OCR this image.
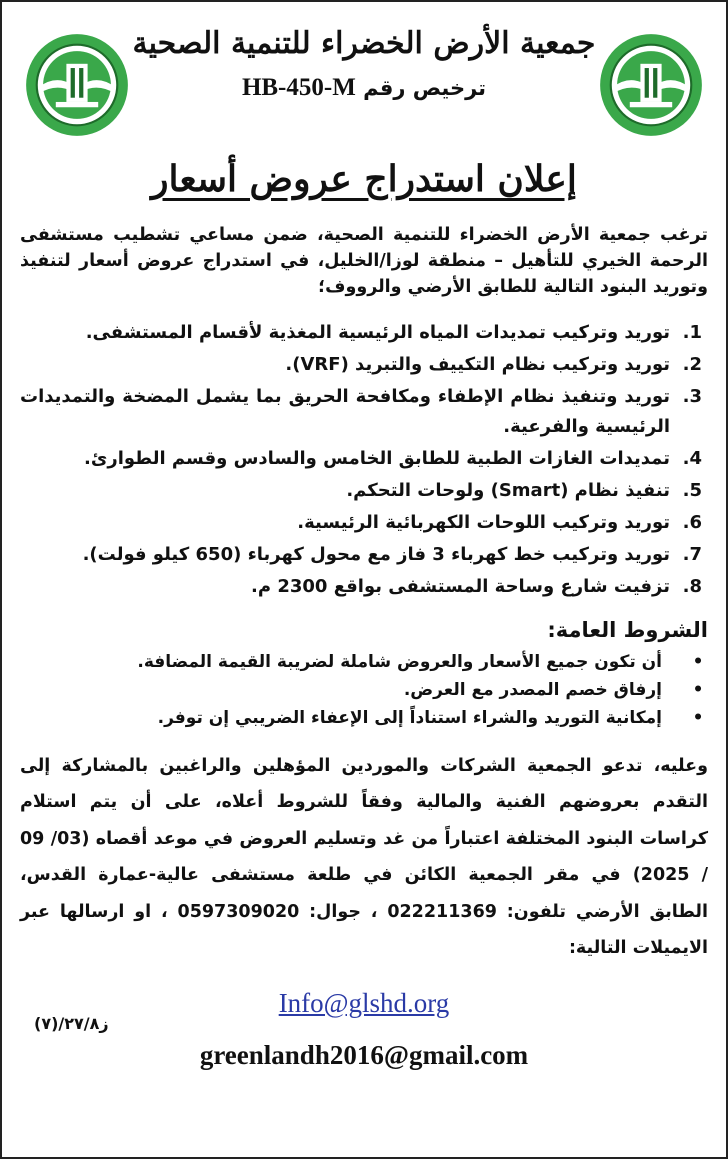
جمعية الأرض الخضراء للتنمية الصحية
ترخيص رقم HB-450-M
إعلان استدراج عروض أسعار

ترغب جمعية الأرض الخضراء للتنمية الصحية، ضمن مساعي تشطيب مستشفى الرحمة الخيري للتأهيل – منطقة لوزا/الخليل، في استدراج عروض أسعار لتنفيذ وتوريد البنود التالية للطابق الأرضي والرووف؛

1.
توريد وتركيب تمديدات المياه الرئيسية المغذية لأقسام المستشفى.
2.
توريد وتركيب نظام التكييف والتبريد (VRF).
3.
توريد وتنفيذ نظام الإطفاء ومكافحة الحريق بما يشمل المضخة والتمديدات الرئيسية والفرعية.
4.
تمديدات الغازات الطبية للطابق الخامس والسادس وقسم الطوارئ.
5.
تنفيذ نظام (Smart) ولوحات التحكم.
6.
توريد وتركيب اللوحات الكهربائية الرئيسية.
7.
توريد وتركيب خط كهرباء 3 فاز مع محول كهرباء (650 كيلو فولت).
8.
تزفيت شارع وساحة المستشفى بواقع 2300 م.
الشروط العامة:
• أن تكون جميع الأسعار والعروض شاملة لضريبة القيمة المضافة.
• إرفاق خصم المصدر مع العرض.
• إمكانية التوريد والشراء استناداً إلى الإعفاء الضريبي إن توفر.

وعليه، تدعو الجمعية الشركات والموردين المؤهلين والراغبين بالمشاركة إلى التقدم بعروضهم الفنية والمالية وفقاً للشروط أعلاه، على أن يتم استلام كراسات البنود المختلفة اعتباراً من غد وتسليم العروض في موعد أقصاه (03/ 09 / 2025) في مقر الجمعية الكائن في طلعة مستشفى عالية-عمارة القدس، الطابق الأرضي تلفون: 022211369 ، جوال: 0597309020 ، او ارسالها عبر الايميلات التالية:

Info@glshd.org
greenlandh2016@gmail.com
ز٢٧/٨/(٧)
